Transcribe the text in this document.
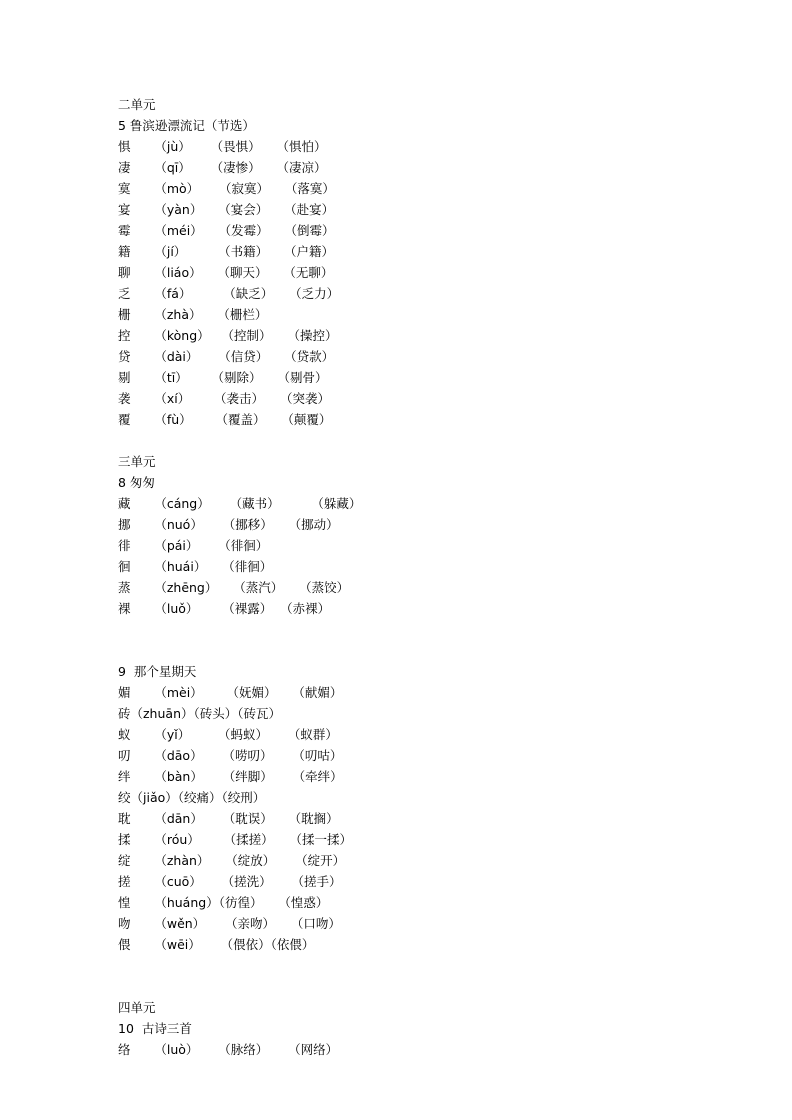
二单元
5 鲁滨逊漂流记（节选）
惧      （jù）     （畏惧）    （惧怕）
凄      （qī）     （凄惨）    （凄凉）
寞      （mò）     （寂寞）    （落寞）
宴      （yàn）    （宴会）    （赴宴）
霉      （méi）    （发霉）    （倒霉）
籍      （jí）        （书籍）    （户籍）
聊      （liáo）    （聊天）    （无聊）
乏      （fá）        （缺乏）    （乏力）
栅      （zhà）    （栅栏）
控      （kòng）   （控制）    （操控）
贷      （dài）     （信贷）    （贷款）
剔      （tī）      （剔除）    （剔骨）
袭      （xí）      （袭击）    （突袭）
覆      （fù）      （覆盖）    （颠覆）
三单元
8 匆匆
藏      （cáng）     （藏书）        （躲藏）
挪      （nuó）     （挪移）    （挪动）
徘      （pái）     （徘徊）
徊      （huái）    （徘徊）
蒸      （zhēng）    （蒸汽）    （蒸饺）
裸      （luǒ）      （裸露）  （赤裸）
9  那个星期天
媚      （mèi）      （妩媚）    （献媚）
砖（zhuān）（砖头）（砖瓦）
蚁      （yǐ）       （蚂蚁）     （蚁群）
叨      （dāo）     （唠叨）     （叨咕）
绊      （bàn）     （绊脚）     （牵绊）
绞（jiǎo）（绞痛）（绞刑）
耽      （dān）     （耽误）    （耽搁）
揉      （róu）      （揉搓）    （揉一揉）
绽      （zhàn）    （绽放）     （绽开）
搓      （cuō）     （搓洗）     （搓手）
惶      （huáng）（彷徨）    （惶惑）
吻      （wěn）     （亲吻）    （口吻）
偎      （wēi）     （偎依）（依偎）
四单元
10  古诗三首
络      （luò）     （脉络）     （网络）
